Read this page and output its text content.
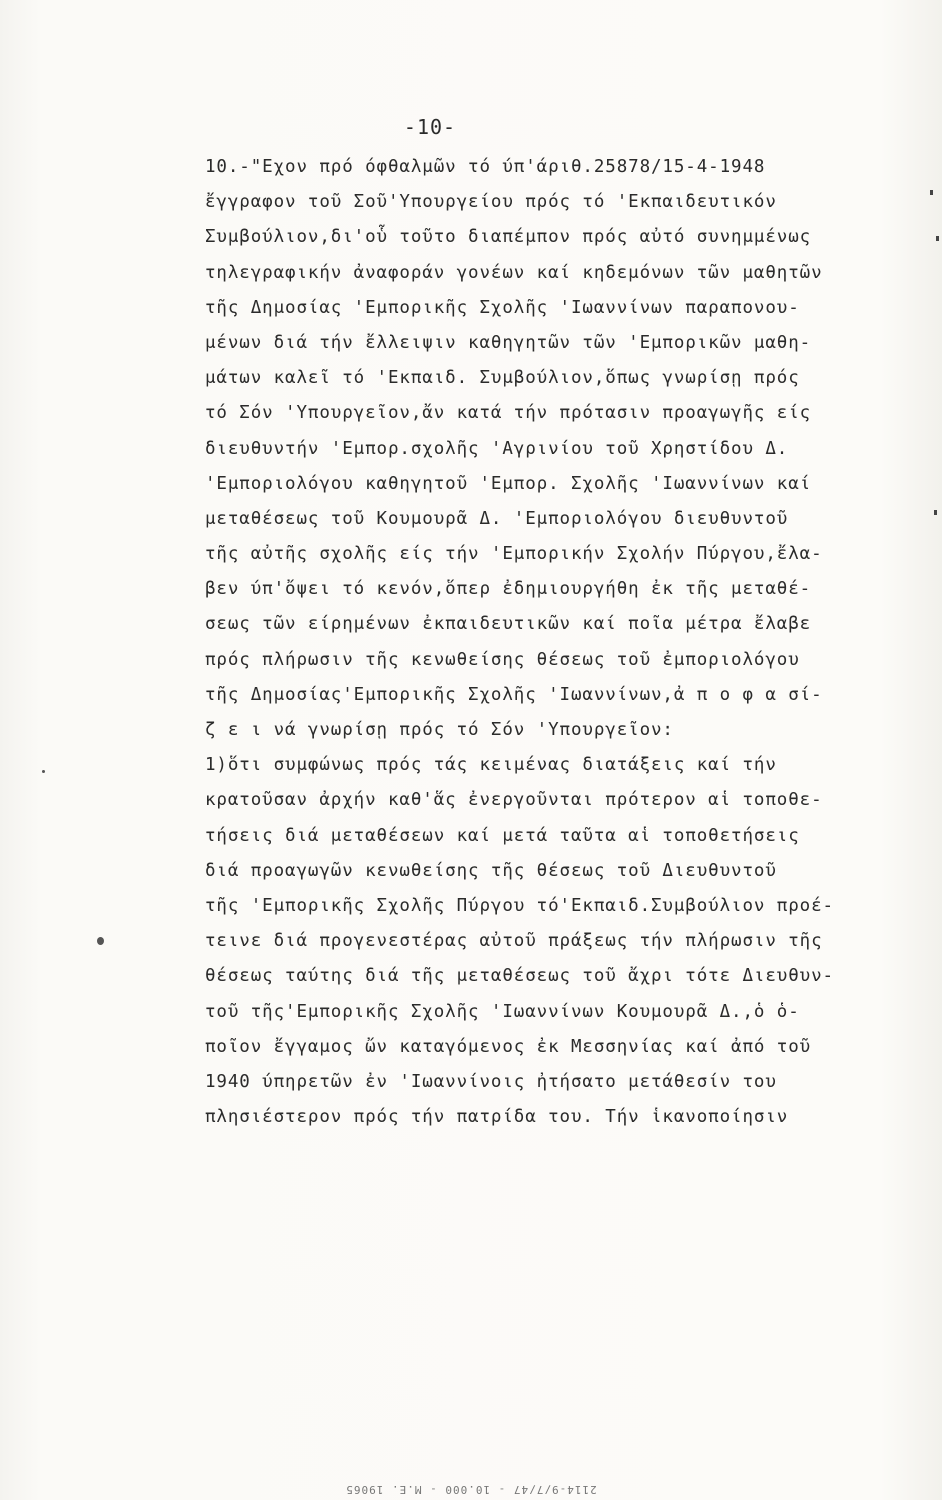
-10-
10.-"Εχον πρό όφθαλμῶν τό ύπ'άριθ.25878/15-4-1948
ἔγγραφον τοῦ Σοῦ'Υπουργείου πρός τό 'Εκπαιδευτικόν
Συμβούλιον,δι'οὗ τοῦτο διαπέμπον πρός αὐτό συνημμένως
τηλεγραφικήν ἀναφοράν γονέων καί κηδεμόνων τῶν μαθητῶν
τῆς Δημοσίας 'Εμπορικῆς Σχολῆς 'Ιωαννίνων παραπονου-
μένων διά τήν ἔλλειψιν καθηγητῶν τῶν 'Εμπορικῶν μαθη-
μάτων καλεῖ τό 'Εκπαιδ. Συμβούλιον,ὅπως γνωρίσῃ πρός
τό Σόν 'Υπουργεῖον,ἄν κατά τήν πρότασιν προαγωγῆς είς
διευθυντήν 'Εμπορ.σχολῆς 'Αγρινίου τοῦ Χρηστίδου Δ.
'Εμποριολόγου καθηγητοῦ 'Εμπορ. Σχολῆς 'Ιωαννίνων καί
μεταθέσεως τοῦ Κουμουρᾶ Δ. 'Εμποριολόγου διευθυντοῦ
τῆς αὐτῆς σχολῆς είς τήν 'Εμπορικήν Σχολήν Πύργου,ἔλα-
βεν ύπ'ὄψει τό κενόν,ὅπερ ἐδημιουργήθη ἐκ τῆς μεταθέ-
σεως τῶν είρημένων ἐκπαιδευτικῶν καί ποῖα μέτρα ἔλαβε
πρός πλήρωσιν τῆς κενωθείσης θέσεως τοῦ ἐμποριολόγου
τῆς Δημοσίας'Εμπορικῆς Σχολῆς 'Ιωαννίνων,ἀ π ο φ α σί-
ζ ε ι νά γνωρίσῃ πρός τό Σόν 'Υπουργεῖον:
1)ὅτι συμφώνως πρός τάς κειμένας διατάξεις καί τήν
κρατοῦσαν ἀρχήν καθ'ἅς ἐνεργοῦνται πρότερον αἱ τοποθε-
τήσεις διά μεταθέσεων καί μετά ταῦτα αἱ τοποθετήσεις
διά προαγωγῶν κενωθείσης τῆς θέσεως τοῦ Διευθυντοῦ
τῆς 'Εμπορικῆς Σχολῆς Πύργου τό'Εκπαιδ.Συμβούλιον προέ-
τεινε διά προγενεστέρας αὐτοῦ πράξεως τήν πλήρωσιν τῆς
θέσεως ταύτης διά τῆς μεταθέσεως τοῦ ἄχρι τότε Διευθυν-
τοῦ τῆς'Εμπορικῆς Σχολῆς 'Ιωαννίνων Κουμουρᾶ Δ.,ὁ ὁ-
ποῖον ἔγγαμος ὤν καταγόμενος ἐκ Μεσσηνίας καί ἀπό τοῦ
1940 ύπηρετῶν ἐν 'Ιωαννίνοις ἠτήσατο μετάθεσίν του
πλησιέστερον πρός τήν πατρίδα του. Τήν ἱκανοποίησιν
2114-9/7/47 - 10.000 - M.E. 19065
